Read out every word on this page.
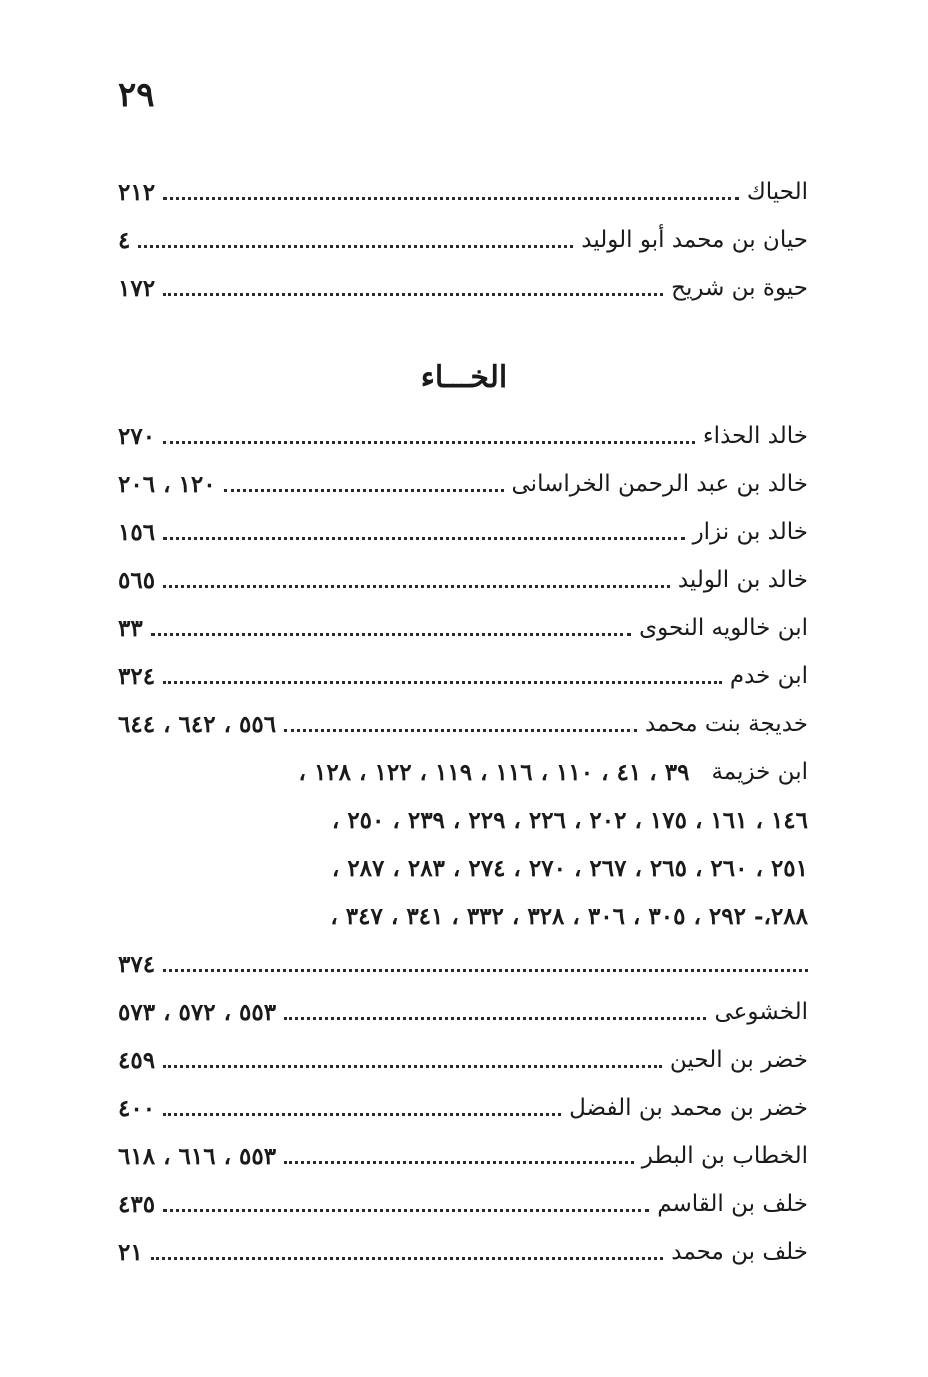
٢٩
الحياك
٢١٢
حيان بن محمد أبو الوليد
٤
حيوة بن شريح
١٧٢
الخـــاء
خالد الحذاء
٢٧٠
خالد بن عبد الرحمن الخراسانى
١٢٠ ، ٢٠٦
خالد بن نزار
١٥٦
خالد بن الوليد
٥٦٥
ابن خالويه النحوى
٣٣
ابن خدم
٣٢٤
خديجة بنت محمد
٥٥٦ ، ٦٤٢ ، ٦٤٤
ابن خزيمة
٣٩ ، ٤١ ، ١١٠ ، ١١٦ ، ١١٩ ، ١٢٢ ، ١٢٨ ،
١٤٦ ، ١٦١ ، ١٧٥ ، ٢٠٢ ، ٢٢٦ ، ٢٢٩ ، ٢٣٩ ، ٢٥٠ ،
٢٥١ ، ٢٦٠ ، ٢٦٥ ، ٢٦٧ ، ٢٧٠ ، ٢٧٤ ، ٢٨٣ ، ٢٨٧ ،
٢٨٨،- ٢٩٢ ، ٣٠٥ ، ٣٠٦ ، ٣٢٨ ، ٣٣٢ ، ٣٤١ ، ٣٤٧ ،
٣٧٤
الخشوعى
٥٥٣ ، ٥٧٢ ، ٥٧٣
خضر بن الحين
٤٥٩
خضر بن محمد بن الفضل
٤٠٠
الخطاب بن البطر
٥٥٣ ، ٦١٦ ، ٦١٨
خلف بن القاسم
٤٣٥
خلف بن محمد
٢١
